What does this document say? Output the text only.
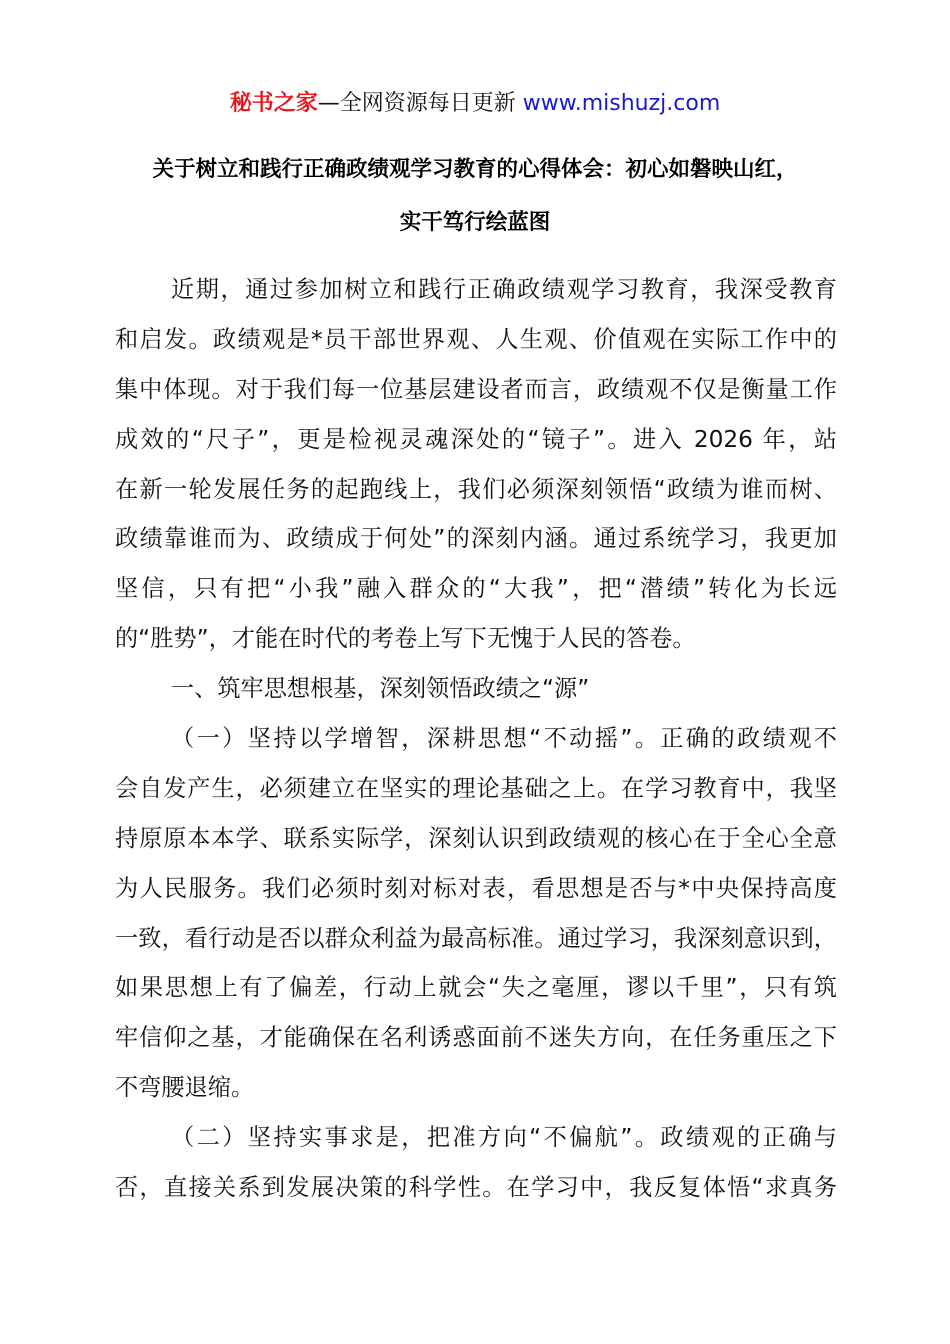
秘书之家—全网资源每日更新 www.mishuzj.com
关于树立和践行正确政绩观学习教育的心得体会：初心如磐映山红，
实干笃行绘蓝图
近期，通过参加树立和践行正确政绩观学习教育，我深受教育
和启发。政绩观是*员干部世界观、人生观、价值观在实际工作中的
集中体现。对于我们每一位基层建设者而言，政绩观不仅是衡量工作
成效的“尺子”，更是检视灵魂深处的“镜子”。进入 2026 年，站
在新一轮发展任务的起跑线上，我们必须深刻领悟“政绩为谁而树、
政绩靠谁而为、政绩成于何处”的深刻内涵。通过系统学习，我更加
坚信，只有把“小我”融入群众的“大我”，把“潜绩”转化为长远
的“胜势”，才能在时代的考卷上写下无愧于人民的答卷。
一、筑牢思想根基，深刻领悟政绩之“源”
（一）坚持以学增智，深耕思想“不动摇”。正确的政绩观不
会自发产生，必须建立在坚实的理论基础之上。在学习教育中，我坚
持原原本本学、联系实际学，深刻认识到政绩观的核心在于全心全意
为人民服务。我们必须时刻对标对表，看思想是否与*中央保持高度
一致，看行动是否以群众利益为最高标准。通过学习，我深刻意识到，
如果思想上有了偏差，行动上就会“失之毫厘，谬以千里”，只有筑
牢信仰之基，才能确保在名利诱惑面前不迷失方向，在任务重压之下
不弯腰退缩。
（二）坚持实事求是，把准方向“不偏航”。政绩观的正确与
否，直接关系到发展决策的科学性。在学习中，我反复体悟“求真务
